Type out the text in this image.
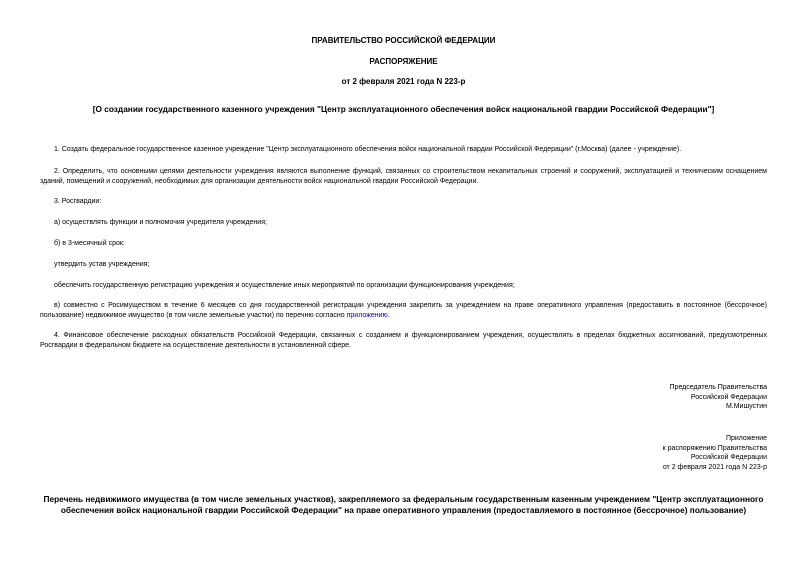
ПРАВИТЕЛЬСТВО РОССИЙСКОЙ ФЕДЕРАЦИИ
РАСПОРЯЖЕНИЕ
от 2 февраля 2021 года N 223-р
[О создании государственного казенного учреждения "Центр эксплуатационного обеспечения войск национальной гвардии Российской Федерации"]
1. Создать федеральное государственное казенное учреждение "Центр эксплуатационного обеспечения войск национальной гвардии Российской Федерации" (г.Москва) (далее - учреждение).
2. Определить, что основными целями деятельности учреждения являются выполнение функций, связанных со строительством некапитальных строений и сооружений, эксплуатацией и техническим оснащением зданий, помещений и сооружений, необходимых для организации деятельности войск национальной гвардии Российской Федерации.
3. Росгвардии:
а) осуществлять функции и полномочия учредителя учреждения;
б) в 3-месячный срок:
утвердить устав учреждения;
обеспечить государственную регистрацию учреждения и осуществление иных мероприятий по организации функционирования учреждения;
в) совместно с Росимуществом в течение 6 месяцев со дня государственной регистрации учреждения закрепить за учреждением на праве оперативного управления (предоставить в постоянное (бессрочное) пользование) недвижимое имущество (в том числе земельные участки) по перечню согласно приложению.
4. Финансовое обеспечение расходных обязательств Российской Федерации, связанных с созданием и функционированием учреждения, осуществлять в пределах бюджетных ассигнований, предусмотренных Росгвардии в федеральном бюджете на осуществление деятельности в установленной сфере.
Председатель Правительства
Российской Федерации
М.Мишустин
Приложение
к распоряжению Правительства
Российской Федерации
от 2 февраля 2021 года N 223-р
Перечень недвижимого имущества (в том числе земельных участков), закрепляемого за федеральным государственным казенным учреждением "Центр эксплуатационного обеспечения войск национальной гвардии Российской Федерации" на праве оперативного управления (предоставляемого в постоянное (бессрочное) пользование)
